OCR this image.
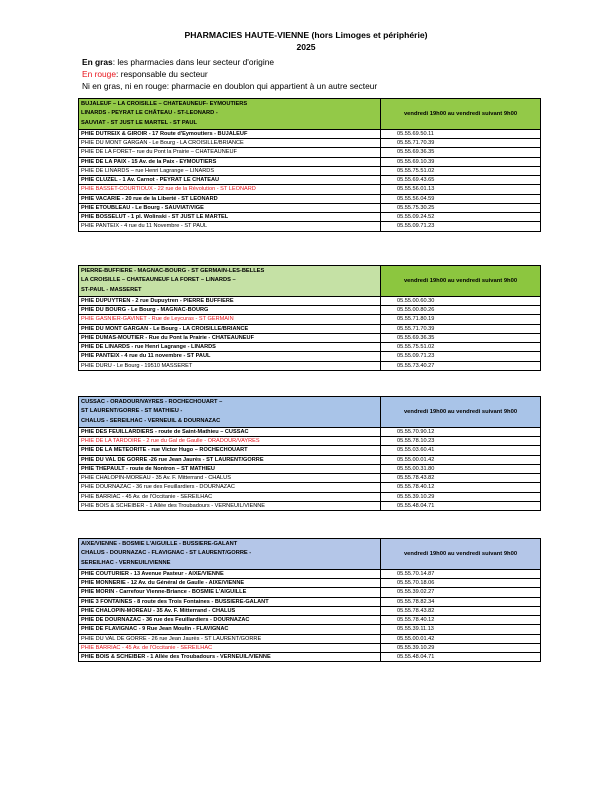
PHARMACIES HAUTE-VIENNE (hors Limoges et périphérie)
2025
En gras: les pharmacies dans leur secteur d'origine
En rouge: responsable du secteur
Ni en gras, ni en rouge: pharmacie en doublon qui appartient à un autre secteur
BUJALEUF – LA CROISILLE – CHATEAUNEUF- EYMOUTIERS
LINARDS - PEYRAT LE CHÂTEAU - ST-LEONARD -
SAUVIAT - ST JUST LE MARTEL - ST PAUL	vendredi 19h00 au vendredi suivant 9h00
PHIE DUTREIX & GIROIR - 17 Route d'Eymoutiers - BUJALEUF	05.55.69.50.11
PHIE DU MONT GARGAN - Le Bourg - LA CROISILLE/BRIANCE	05.55.71.70.39
PHIE DE LA FORET– rue du Pont la Prairie – CHATEAUNEUF	05.55.69.36.35
PHIE DE LA PAIX - 15 Av. de la Paix - EYMOUTIERS	05.55.69.10.39
PHIE DE LINARDS – rue Henri Lagrange – LINARDS	05.55.75.51.02
PHIE CLUZEL - 1 Av. Carnot - PEYRAT LE CHATEAU	05.55.69.43.65
PHIE BASSET-COURTIOUX - 22 rue de la Révolution - ST LEONARD	05.55.56.01.13
PHIE VACARIE - 20 rue de la Liberté - ST LEONARD	05.55.56.04.59
PHIE ETOUBLEAU - Le Bourg - SAUVIAT/VIGE	05.55.75.30.25
PHIE BOSSELUT - 1 pl. Wolinski - ST JUST LE MARTEL	05.55.09.24.52
PHIE PANTEIX - 4 rue du 11 Novembre - ST PAUL	05.55.09.71.23
PIERRE-BUFFIERE - MAGNAC-BOURG - ST GERMAIN-LES-BELLES
LA CROISILLE – CHATEAUNEUF LA FORET – LINARDS –
ST-PAUL - MASSERET	vendredi 19h00 au vendredi suivant 9h00
PHIE DUPUYTREN - 2 rue Dupuytren - PIERRE BUFFIERE	05.55.00.60.30
PHIE DU BOURG - Le Bourg - MAGNAC-BOURG	05.55.00.80.26
PHIE GASNIER-GAVINET - Rue de Leycuras - ST GERMAIN	05.55.71.80.19
PHIE DU MONT GARGAN - Le Bourg - LA CROISILLE/BRIANCE	05.55.71.70.39
PHIE DUMAS-MOUTIER - Rue du Pont la Prairie - CHATEAUNEUF	05.55.69.36.35
PHIE DE LINARDS - rue Henri Lagrange - LINARDS	05.55.75.51.02
PHIE PANTEIX - 4 rue du 11 novembre - ST PAUL	05.55.09.71.23
PHIE DURU - Le Bourg - 19510 MASSERET	05.55.73.40.27
CUSSAC - ORADOUR/VAYRES - ROCHECHOUART –
ST LAURENT/GORRE - ST MATHIEU -
CHALUS - SEREILHAC - VERNEUIL & DOURNAZAC	vendredi 19h00 au vendredi suivant 9h00
PHIE DES FEUILLARDIERS - route de Saint-Mathieu – CUSSAC	05.55.70.90.12
PHIE DE LA TARDOIRE - 2 rue du Gal de Gaulle - ORADOUR/VAYRES	05.55.78.10.23
PHIE DE LA METEORITE - rue Victor Hugo – ROCHECHOUART	05.55.03.60.41
PHIE DU VAL DE GORRE -26 rue Jean Jaurès - ST LAURENT/GORRE	05.55.00.01.42
PHIE THEPAULT - route de Nontron – ST MATHIEU	05.55.00.31.80
PHIE CHALOPIN-MOREAU - 35 Av. F. Mitterrand - CHALUS	05.55.78.43.82
PHIE DOURNAZAC - 36 rue des Feuillardiers - DOURNAZAC	05.55.78.40.12
PHIE BARRIAC - 45 Av. de l'Occitanie - SEREILHAC	05.55.39.10.29
PHIE BOIS & SCHEIBER - 1 Allée des Troubadours - VERNEUIL/VIENNE	05.55.48.04.71
AIXE/VIENNE - BOSMIE L'AIGUILLE - BUSSIERE-GALANT
CHALUS - DOURNAZAC - FLAVIGNAC - ST LAURENT/GORRE -
SEREILHAC - VERNEUIL/VIENNE	vendredi 19h00 au vendredi suivant 9h00
PHIE COUTURIER - 13 Avenue Pasteur - AIXE/VIENNE	05.55.70.14.87
PHIE MONNERIE - 12 Av. du Général de Gaulle - AIXE/VIENNE	05.55.70.18.06
PHIE MORIN - Carrefour Vienne-Briance - BOSMIE L'AIGUILLE	05.55.39.02.27
PHIE 3 FONTAINES - 8 route des Trois Fontaines - BUSSIERE-GALANT	05.55.78.82.34
PHIE CHALOPIN-MOREAU - 35 Av. F. Mitterrand - CHALUS	05.55.78.43.82
PHIE DE DOURNAZAC - 36 rue des Feuillardiers - DOURNAZAC	05.55.78.40.12
PHIE DE FLAVIGNAC - 9 Rue Jean Moulin - FLAVIGNAC	05.55.39.11.13
PHIE DU VAL DE GORRE - 26 rue Jean Jaurès - ST LAURENT/GORRE	05.55.00.01.42
PHIE BARRIAC - 45 Av. de l'Occitanie - SEREILHAC	05.55.39.10.29
PHIE BOIS & SCHEIBER - 1 Allée des Troubadours - VERNEUIL/VIENNE	05.55.48.04.71
